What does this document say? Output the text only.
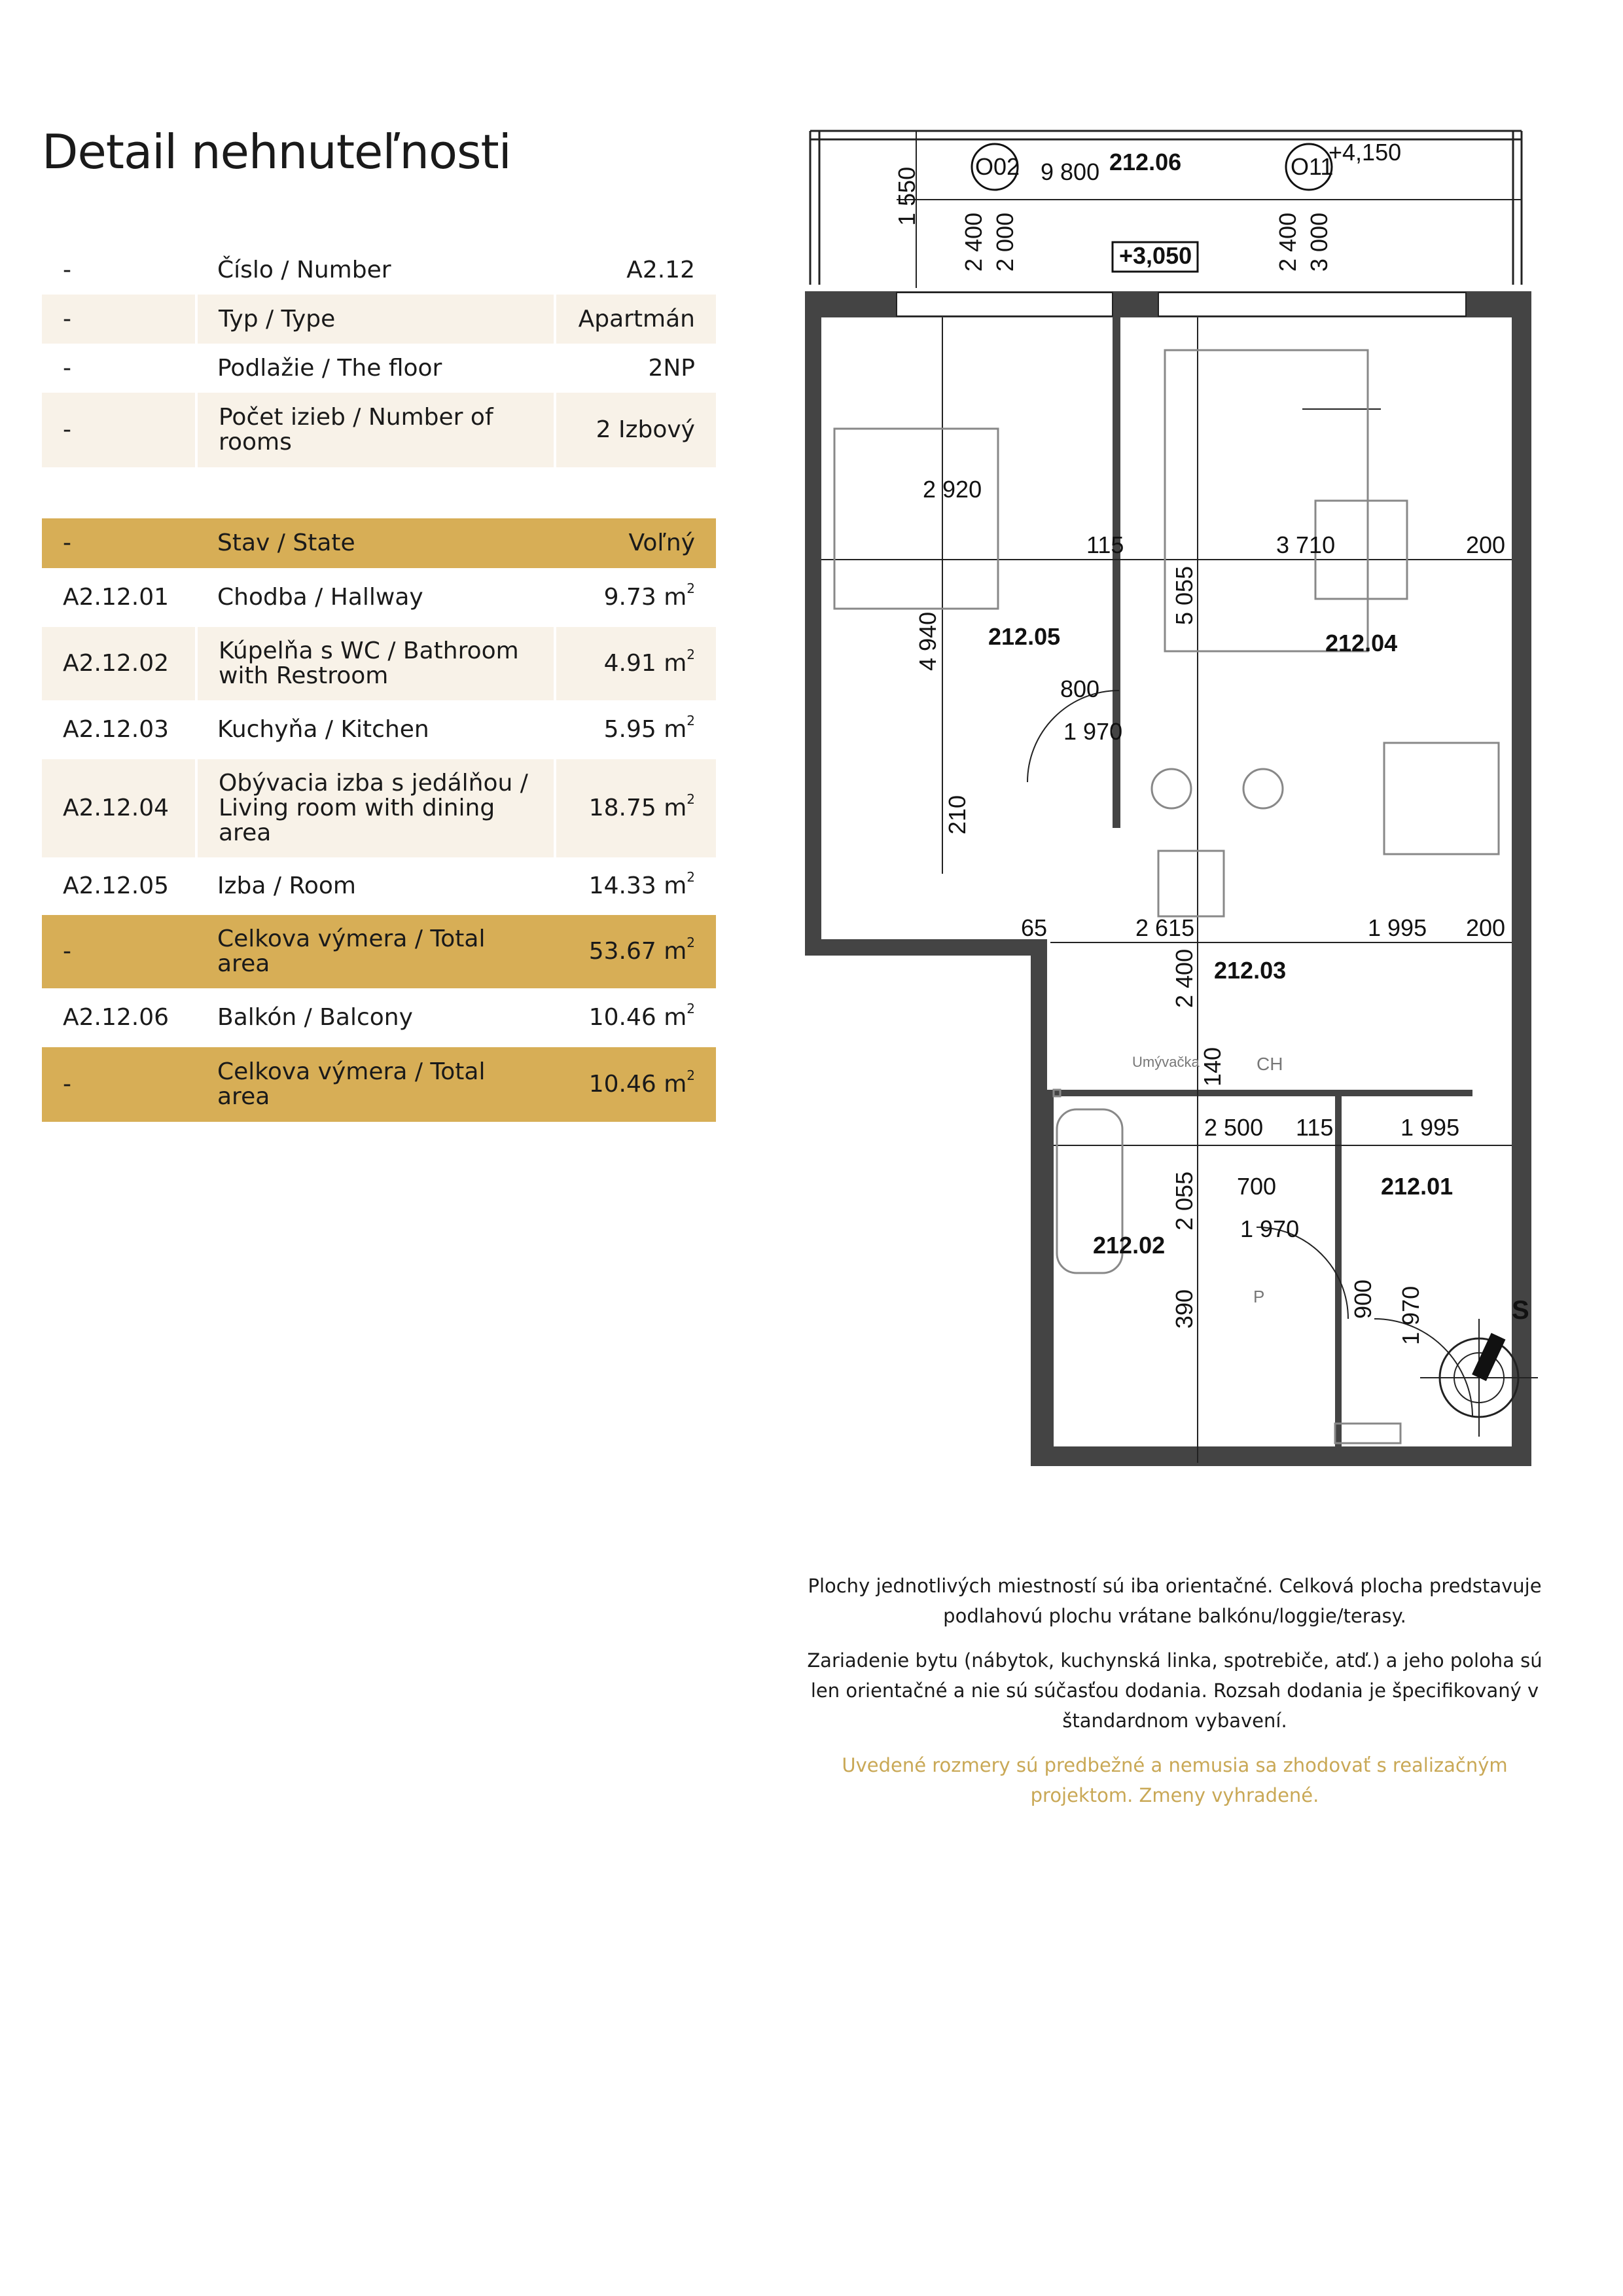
Detail nehnuteľnosti
-	Číslo / Number	A2.12
-	Typ / Type	Apartmán
-	Podlažie / The floor	2NP
-	Počet izieb / Number of rooms	2 Izbový
-	Stav / State	Voľný
A2.12.01	Chodba / Hallway	9.73 $m^2$
A2.12.02	Kúpelňa s WC / Bathroom with Restroom	4.91 $m^2$
A2.12.03	Kuchyňa / Kitchen	5.95 $m^2$
A2.12.04	Obývacia izba s jedálňou / Living room with dining area	18.75 $m^2$
A2.12.05	Izba / Room	14.33 $m^2$
-	Celkova výmera / Total area	53.67 $m^2$
A2.12.06	Balkón / Balcony	10.46 $m^2$
-	Celkova výmera / Total area	10.46 $m^2$
212.06
212.05	212.04
212.03
212.01
212.02
+3,050
O02	O11
+4,150
9 800
2 920
115	3 710	200
800
1 970
65	2 615	1 995 200
2 500 115	1 995
700
1 970
1 550
2 400 2 000	2 400 3 000
4 940
5 055
210
2 400
140
2 055
390	900 1 970
Umývačka	CH
P	S

Plochy jednotlivých miestností sú iba orientačné. Celková plocha predstavuje podlahovú plochu vrátane balkónu/loggie/terasy.

Zariadenie bytu (nábytok, kuchynská linka, spotrebiče, atď.) a jeho poloha sú len orientačné a nie sú súčasťou dodania. Rozsah dodania je špecifikovaný v štandardnom vybavení.

Uvedené rozmery sú predbežné a nemusia sa zhodovať s realizačným projektom. Zmeny vyhradené.
